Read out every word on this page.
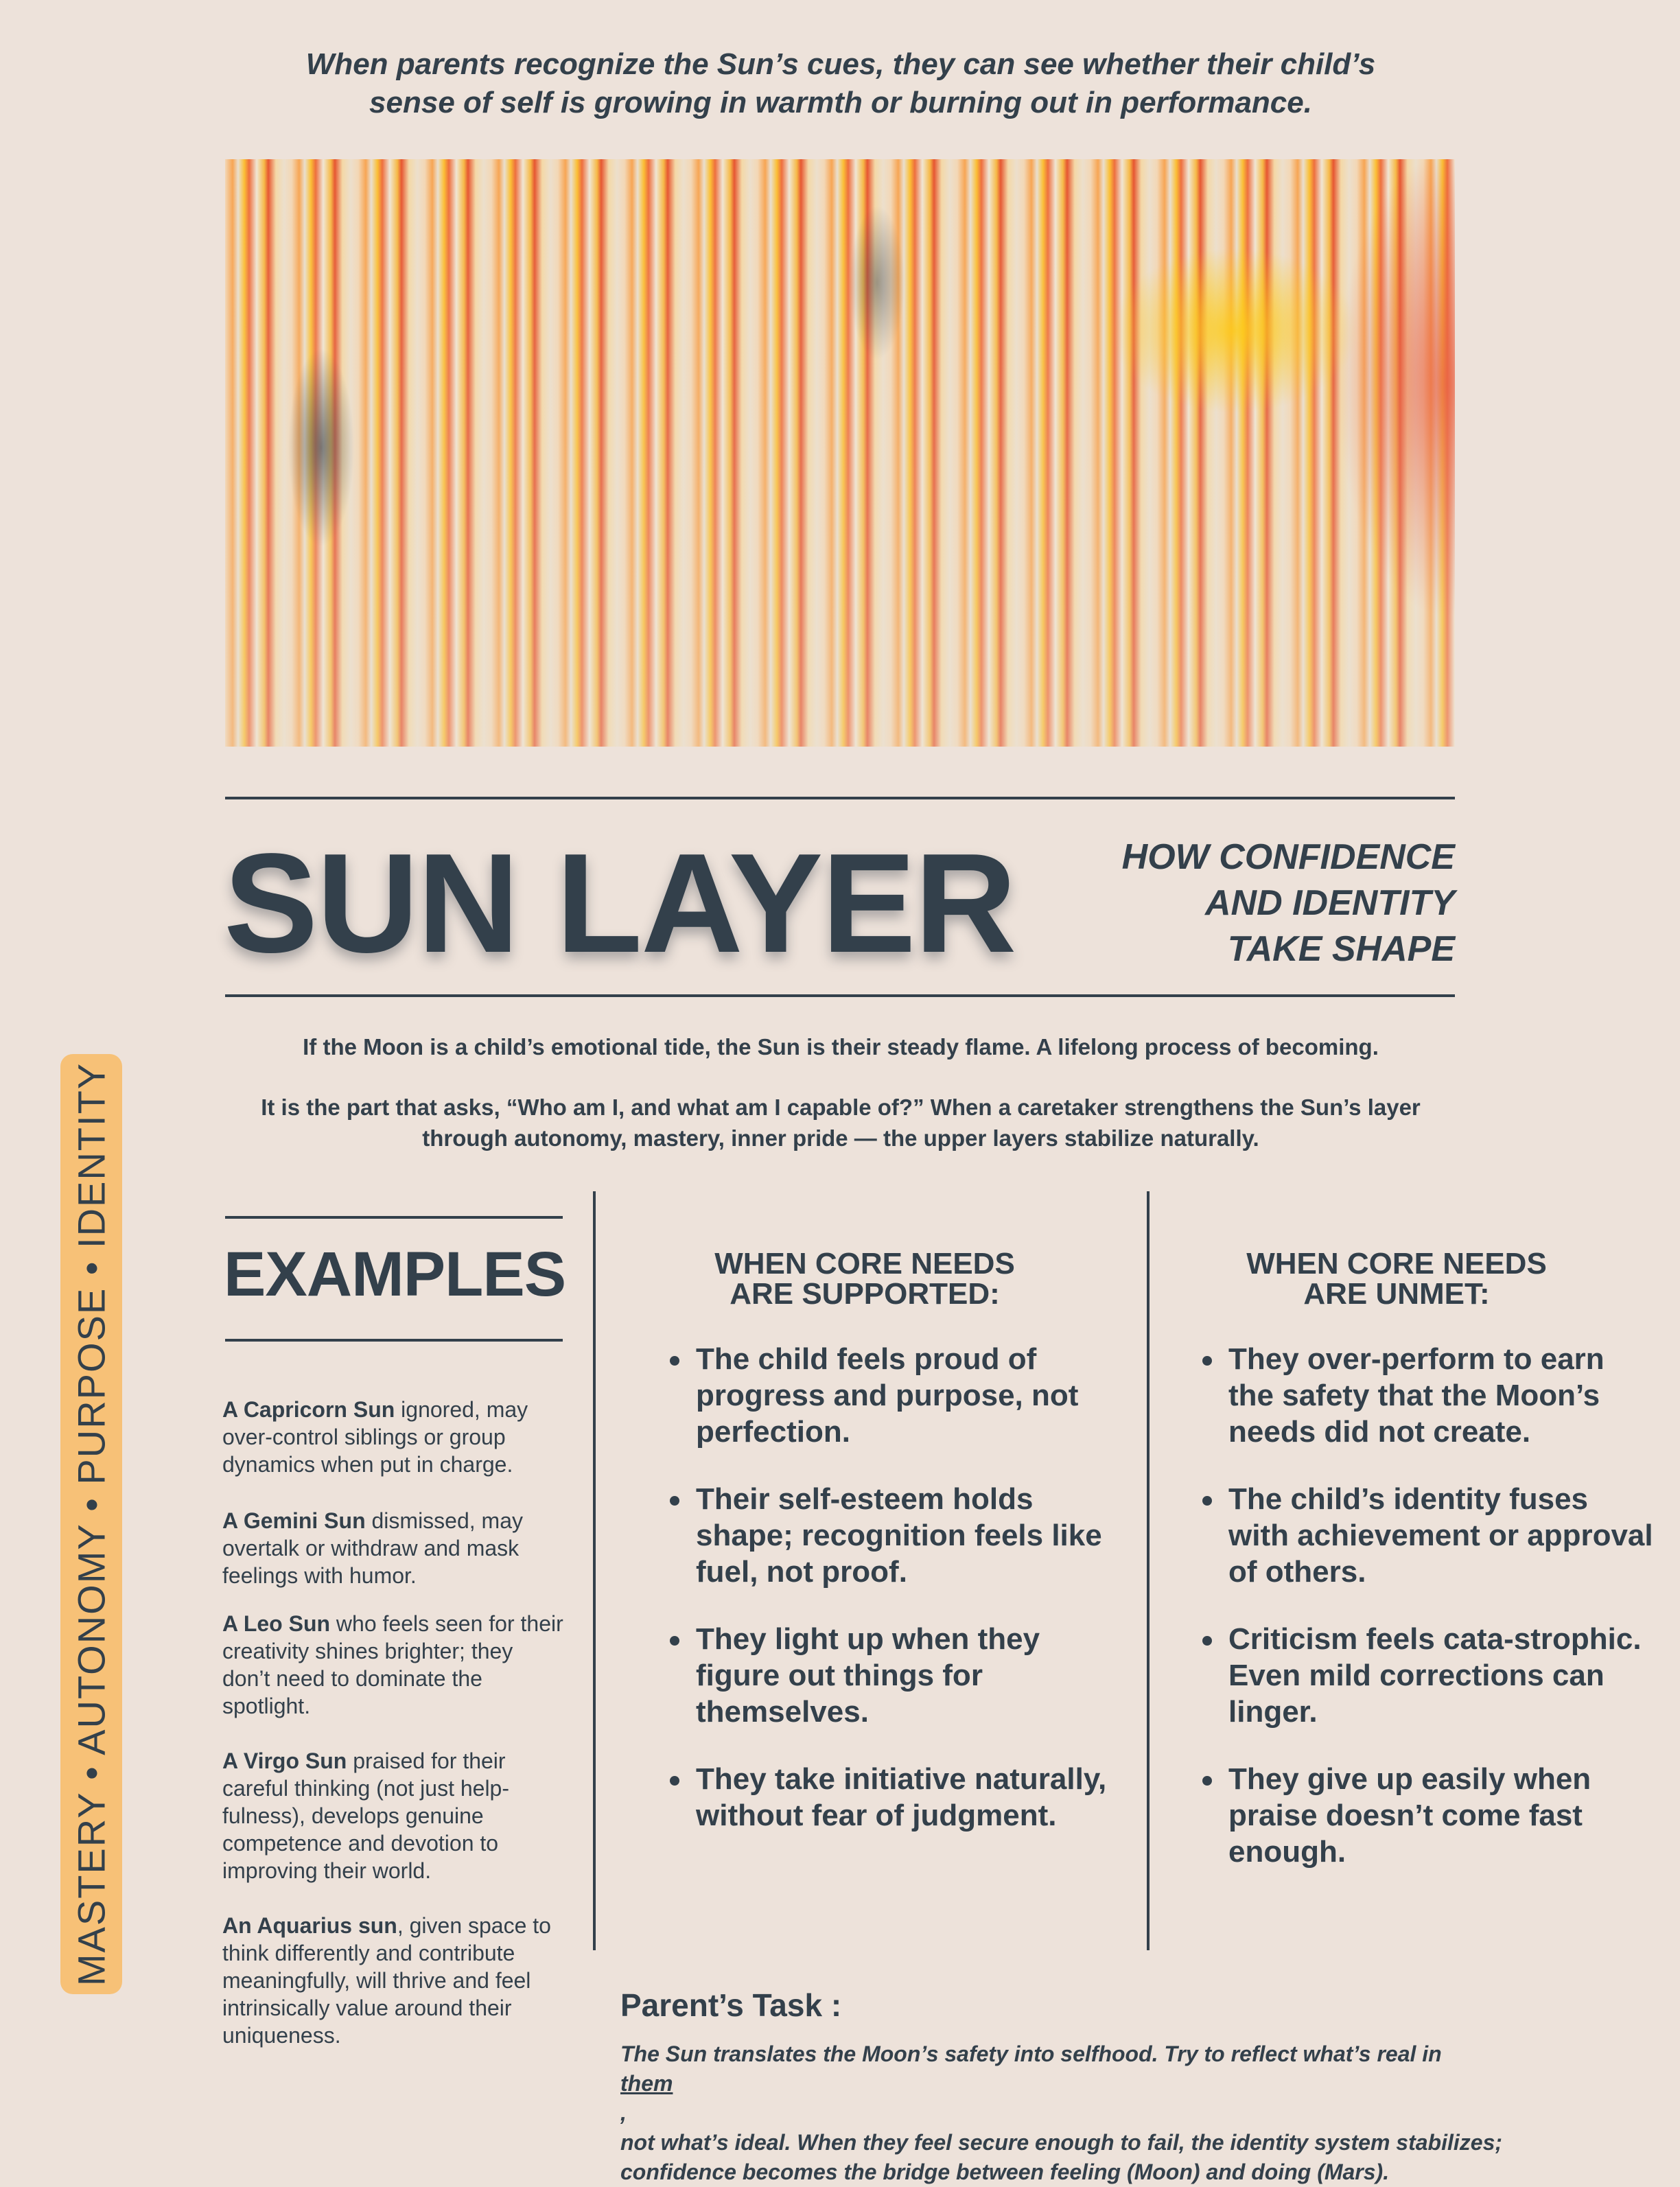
When parents recognize the Sun’s cues, they can see whether their child’s
sense of self is growing in warmth or burning out in performance.
SUN LAYER	HOW CONFIDENCE
AND IDENTITY
TAKE SHAPE
If the Moon is a child’s emotional tide, the Sun is their steady flame. A lifelong process of becoming.
It is the part that asks, “Who am I, and what am I capable of?” When a caretaker strengthens the Sun’s layer
through autonomy, mastery, inner pride — the upper layers stabilize naturally.
MASTERY • AUTONOMY • PURPOSE • IDENTITY EXAMPLES
A Capricorn Sun ignored, may over-control siblings or group dynamics when put in charge.
A Gemini Sun dismissed, may overtalk or withdraw and mask feelings with humor.
A Leo Sun who feels seen for their creativity shines brighter; they don’t need to dominate the spotlight.
A Virgo Sun praised for their careful thinking (not just help-fulness), develops genuine competence and devotion to improving their world.
An Aquarius sun, given space to think differently and contribute meaningfully, will thrive and feel intrinsically value around their uniqueness.
WHEN CORE NEEDS
ARE SUPPORTED:
The child feels proud of progress and purpose, not perfection.
Their self-esteem holds shape; recognition feels like fuel, not proof.
They light up when they figure out things for themselves.
They take initiative naturally, without fear of judgment.
WHEN CORE NEEDS
ARE UNMET:
They over-perform to earn the safety that the Moon’s needs did not create.
The child’s identity fuses with achievement or approval of others.
Criticism feels cata-strophic. Even mild corrections can linger.
They give up easily when praise doesn’t come fast enough.
Parent’s Task :
The Sun translates the Moon’s safety into selfhood. Try to reflect what’s real in
them
,
not what’s ideal. When they feel secure enough to fail, the identity system stabilizes;
confidence becomes the bridge between feeling (Moon) and doing (Mars).
